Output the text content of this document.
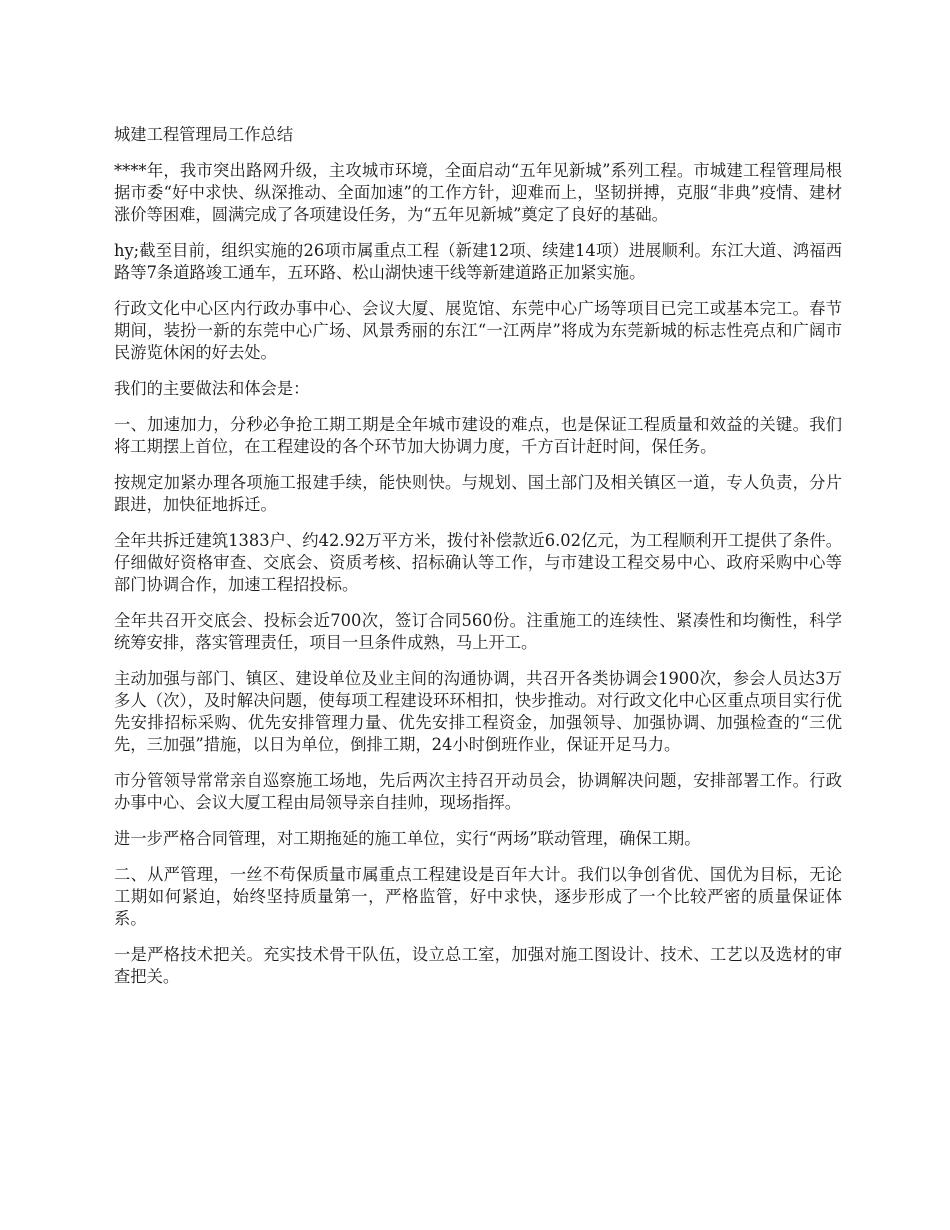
城建工程管理局工作总结

****年，我市突出路网升级，主攻城市环境，全面启动“五年见新城”系列工程。市城建工程管理局根据市委“好中求快、纵深推动、全面加速”的工作方针，迎难而上，坚韧拼搏，克服“非典”疫情、建材涨价等困难，圆满完成了各项建设任务，为“五年见新城”奠定了良好的基础。

hy;截至目前，组织实施的26项市属重点工程（新建12项、续建14项）进展顺利。东江大道、鸿福西路等7条道路竣工通车，五环路、松山湖快速干线等新建道路正加紧实施。

行政文化中心区内行政办事中心、会议大厦、展览馆、东莞中心广场等项目已完工或基本完工。春节期间，装扮一新的东莞中心广场、风景秀丽的东江“一江两岸”将成为东莞新城的标志性亮点和广阔市民游览休闲的好去处。

我们的主要做法和体会是：

一、加速加力，分秒必争抢工期工期是全年城市建设的难点，也是保证工程质量和效益的关键。我们将工期摆上首位，在工程建设的各个环节加大协调力度，千方百计赶时间，保任务。

按规定加紧办理各项施工报建手续，能快则快。与规划、国土部门及相关镇区一道，专人负责，分片跟进，加快征地拆迁。

全年共拆迁建筑1383户、约42.92万平方米，拨付补偿款近6.02亿元，为工程顺利开工提供了条件。仔细做好资格审查、交底会、资质考核、招标确认等工作，与市建设工程交易中心、政府采购中心等部门协调合作，加速工程招投标。

全年共召开交底会、投标会近700次，签订合同560份。注重施工的连续性、紧凑性和均衡性，科学统筹安排，落实管理责任，项目一旦条件成熟，马上开工。

主动加强与部门、镇区、建设单位及业主间的沟通协调，共召开各类协调会1900次，参会人员达3万多人（次），及时解决问题，使每项工程建设环环相扣，快步推动。对行政文化中心区重点项目实行优先安排招标采购、优先安排管理力量、优先安排工程资金，加强领导、加强协调、加强检查的“三优先，三加强”措施，以日为单位，倒排工期，24小时倒班作业，保证开足马力。

市分管领导常常亲自巡察施工场地，先后两次主持召开动员会，协调解决问题，安排部署工作。行政办事中心、会议大厦工程由局领导亲自挂帅，现场指挥。

进一步严格合同管理，对工期拖延的施工单位，实行“两场”联动管理，确保工期。

二、从严管理，一丝不苟保质量市属重点工程建设是百年大计。我们以争创省优、国优为目标，无论工期如何紧迫，始终坚持质量第一，严格监管，好中求快，逐步形成了一个比较严密的质量保证体系。

一是严格技术把关。充实技术骨干队伍，设立总工室，加强对施工图设计、技术、工艺以及选材的审查把关。
